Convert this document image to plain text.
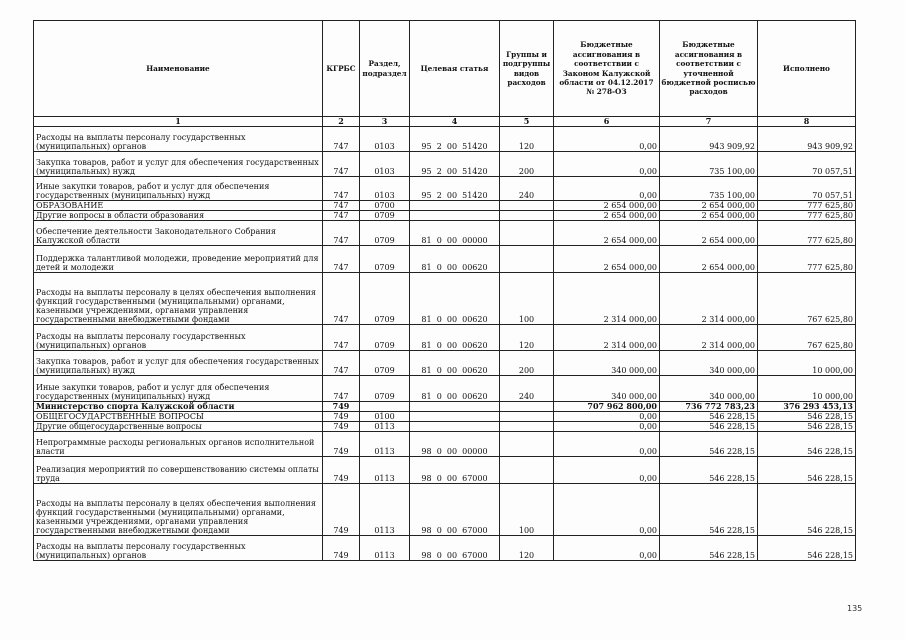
Наименование	КГРБС	Раздел, подраздел	Целевая статья	Группы и подгруппы видов расходов	Бюджетные ассигнования в соответствии с Законом Калужской области от 04.12.2017 № 278-ОЗ	Бюджетные ассигнования в соответствии с уточненной бюджетной росписью расходов	Исполнено
1	2	3	4	5	6	7	8
Расходы на выплаты персоналу государственных (муниципальных) органов	747	0103	95  2  00  51420	120	0,00	943 909,92	943 909,92
Закупка товаров, работ и услуг для обеспечения государственных (муниципальных) нужд	747	0103	95  2  00  51420	200	0,00	735 100,00	70 057,51
Иные закупки товаров, работ и услуг для обеспечения государственных (муниципальных) нужд	747	0103	95  2  00  51420	240	0,00	735 100,00	70 057,51
ОБРАЗОВАНИЕ	747	0700			2 654 000,00	2 654 000,00	777 625,80
Другие вопросы в области образования	747	0709			2 654 000,00	2 654 000,00	777 625,80
Обеспечение деятельности Законодательного Собрания Калужской области	747	0709	81  0  00  00000		2 654 000,00	2 654 000,00	777 625,80
Поддержка талантливой молодежи, проведение мероприятий для детей и молодежи	747	0709	81  0  00  00620		2 654 000,00	2 654 000,00	777 625,80
Расходы на выплаты персоналу в целях обеспечения выполнения функций государственными (муниципальными) органами, казенными учреждениями, органами управления государственными внебюджетными фондами	747	0709	81  0  00  00620	100	2 314 000,00	2 314 000,00	767 625,80
Расходы на выплаты персоналу государственных (муниципальных) органов	747	0709	81  0  00  00620	120	2 314 000,00	2 314 000,00	767 625,80
Закупка товаров, работ и услуг для обеспечения государственных (муниципальных) нужд	747	0709	81  0  00  00620	200	340 000,00	340 000,00	10 000,00
Иные закупки товаров, работ и услуг для обеспечения государственных (муниципальных) нужд	747	0709	81  0  00  00620	240	340 000,00	340 000,00	10 000,00
Министерство спорта Калужской области	749				707 962 800,00	736 772 783,23	376 293 453,13
ОБЩЕГОСУДАРСТВЕННЫЕ ВОПРОСЫ	749	0100			0,00	546 228,15	546 228,15
Другие общегосударственные вопросы	749	0113			0,00	546 228,15	546 228,15
Непрограммные расходы региональных органов исполнительной власти	749	0113	98  0  00  00000		0,00	546 228,15	546 228,15
Реализация мероприятий по совершенствованию системы оплаты труда	749	0113	98  0  00  67000		0,00	546 228,15	546 228,15
Расходы на выплаты персоналу в целях обеспечения выполнения функций государственными (муниципальными) органами, казенными учреждениями, органами управления государственными внебюджетными фондами	749	0113	98  0  00  67000	100	0,00	546 228,15	546 228,15
Расходы на выплаты персоналу государственных (муниципальных) органов	749	0113	98  0  00  67000	120	0,00	546 228,15	546 228,15
135
